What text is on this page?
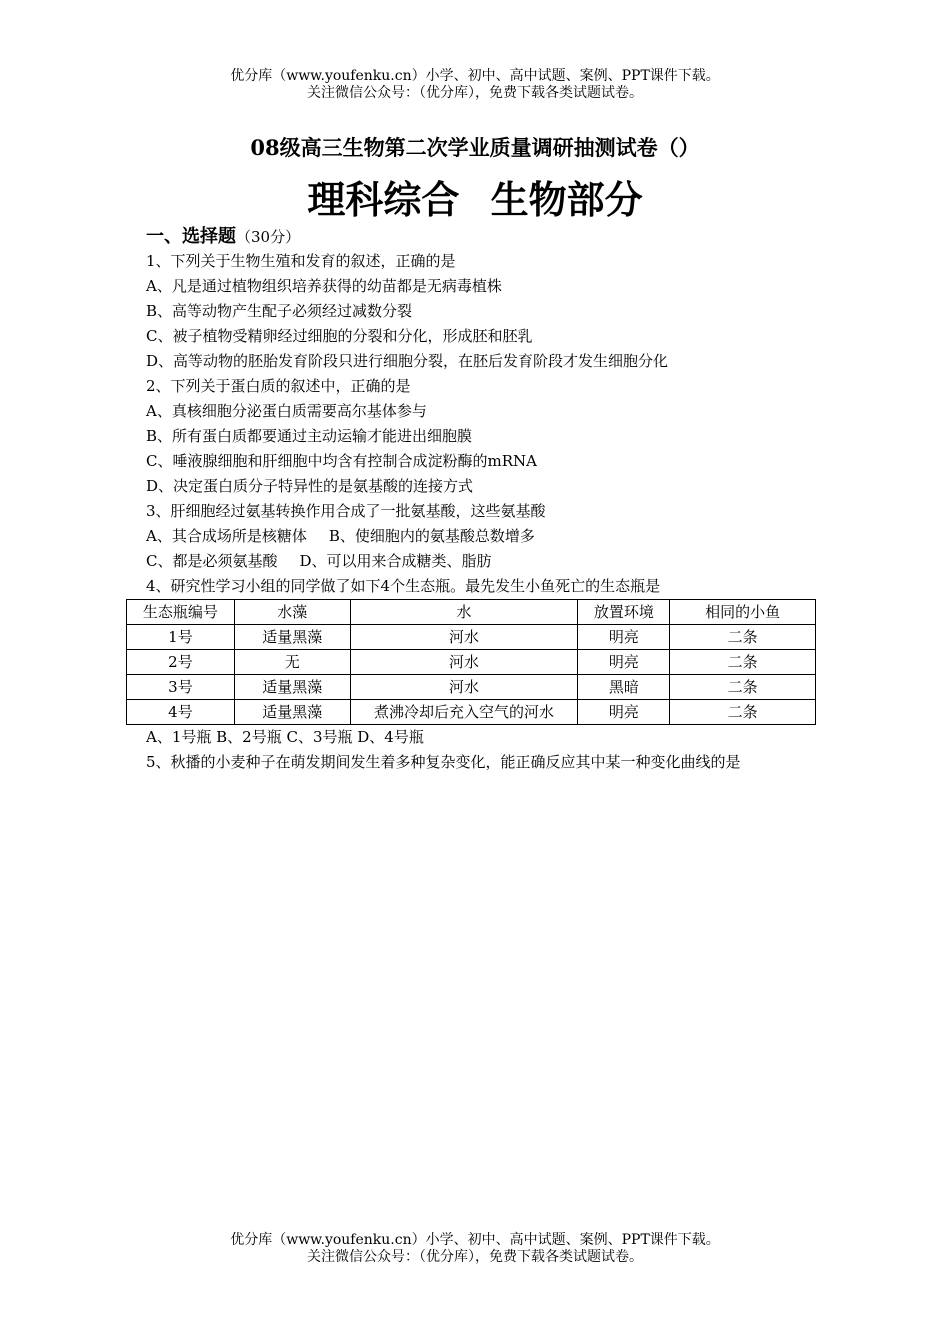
优分库（www.youfenku.cn）小学、初中、高中试题、案例、PPT课件下载。
关注微信公众号：（优分库），免费下载各类试题试卷。
08级高三生物第二次学业质量调研抽测试卷（）
理科综合 生物部分
一、选择题（30分）
1、下列关于生物生殖和发育的叙述，正确的是
A、凡是通过植物组织培养获得的幼苗都是无病毒植株
B、高等动物产生配子必须经过减数分裂
C、被子植物受精卵经过细胞的分裂和分化，形成胚和胚乳
D、高等动物的胚胎发育阶段只进行细胞分裂，在胚后发育阶段才发生细胞分化
2、下列关于蛋白质的叙述中，正确的是
A、真核细胞分泌蛋白质需要高尔基体参与
B、所有蛋白质都要通过主动运输才能进出细胞膜
C、唾液腺细胞和肝细胞中均含有控制合成淀粉酶的mRNA
D、决定蛋白质分子特异性的是氨基酸的连接方式
3、肝细胞经过氨基转换作用合成了一批氨基酸，这些氨基酸
A、其合成场所是核糖体 B、使细胞内的氨基酸总数增多
C、都是必须氨基酸 D、可以用来合成糖类、脂肪
4、研究性学习小组的同学做了如下4个生态瓶。最先发生小鱼死亡的生态瓶是
生态瓶编号	水藻	水	放置环境	相同的小鱼
1号	适量黑藻	河水	明亮	二条
2号	无	河水	明亮	二条
3号	适量黑藻	河水	黑暗	二条
4号	适量黑藻	煮沸冷却后充入空气的河水	明亮	二条
A、1号瓶 B、2号瓶 C、3号瓶 D、4号瓶
5、秋播的小麦种子在萌发期间发生着多种复杂变化，能正确反应其中某一种变化曲线的是
优分库（www.youfenku.cn）小学、初中、高中试题、案例、PPT课件下载。
关注微信公众号：（优分库），免费下载各类试题试卷。
